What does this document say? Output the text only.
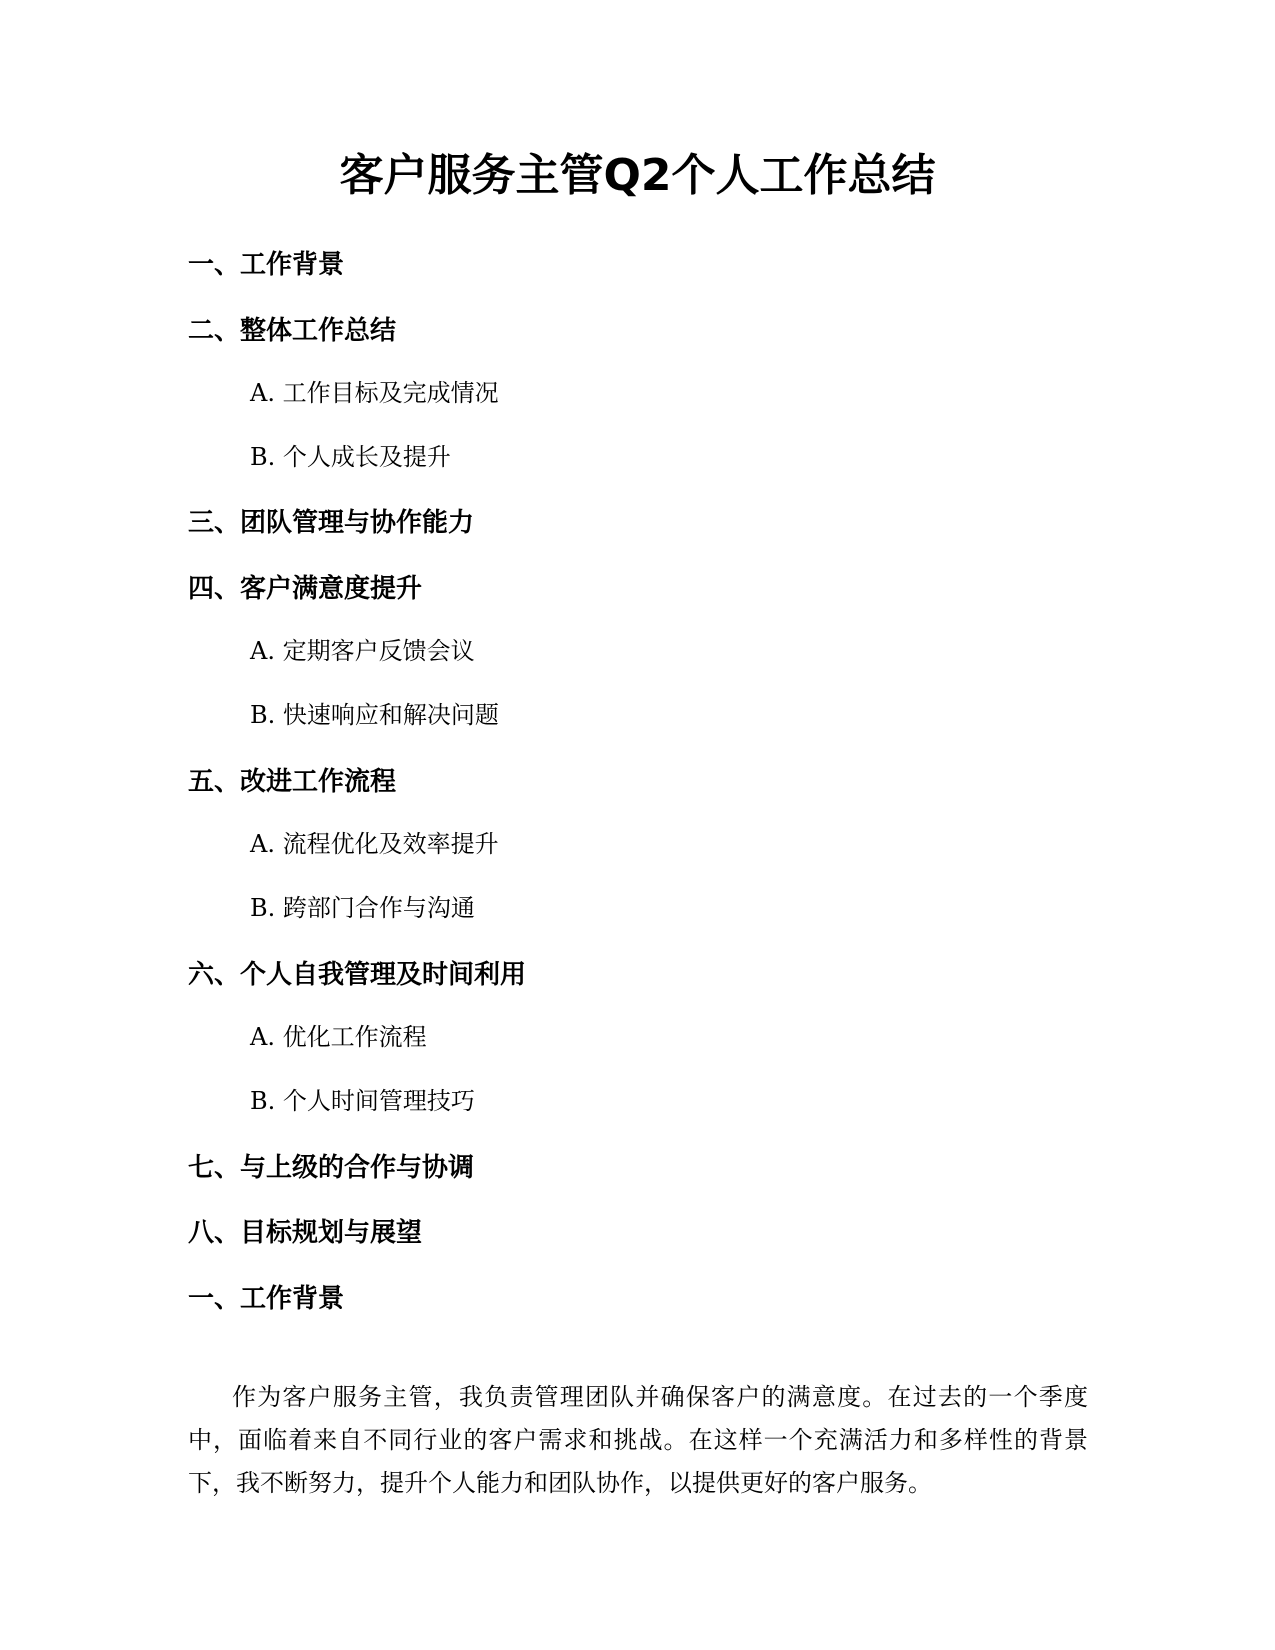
客户服务主管Q2个人工作总结
一、工作背景
二、整体工作总结
A. 工作目标及完成情况
B. 个人成长及提升
三、团队管理与协作能力
四、客户满意度提升
A. 定期客户反馈会议
B. 快速响应和解决问题
五、改进工作流程
A. 流程优化及效率提升
B. 跨部门合作与沟通
六、个人自我管理及时间利用
A. 优化工作流程
B. 个人时间管理技巧
七、与上级的合作与协调
八、目标规划与展望
一、工作背景

作为客户服务主管，我负责管理团队并确保客户的满意度。在过去的一个季度中，面临着来自不同行业的客户需求和挑战。在这样一个充满活力和多样性的背景下，我不断努力，提升个人能力和团队协作，以提供更好的客户服务。
